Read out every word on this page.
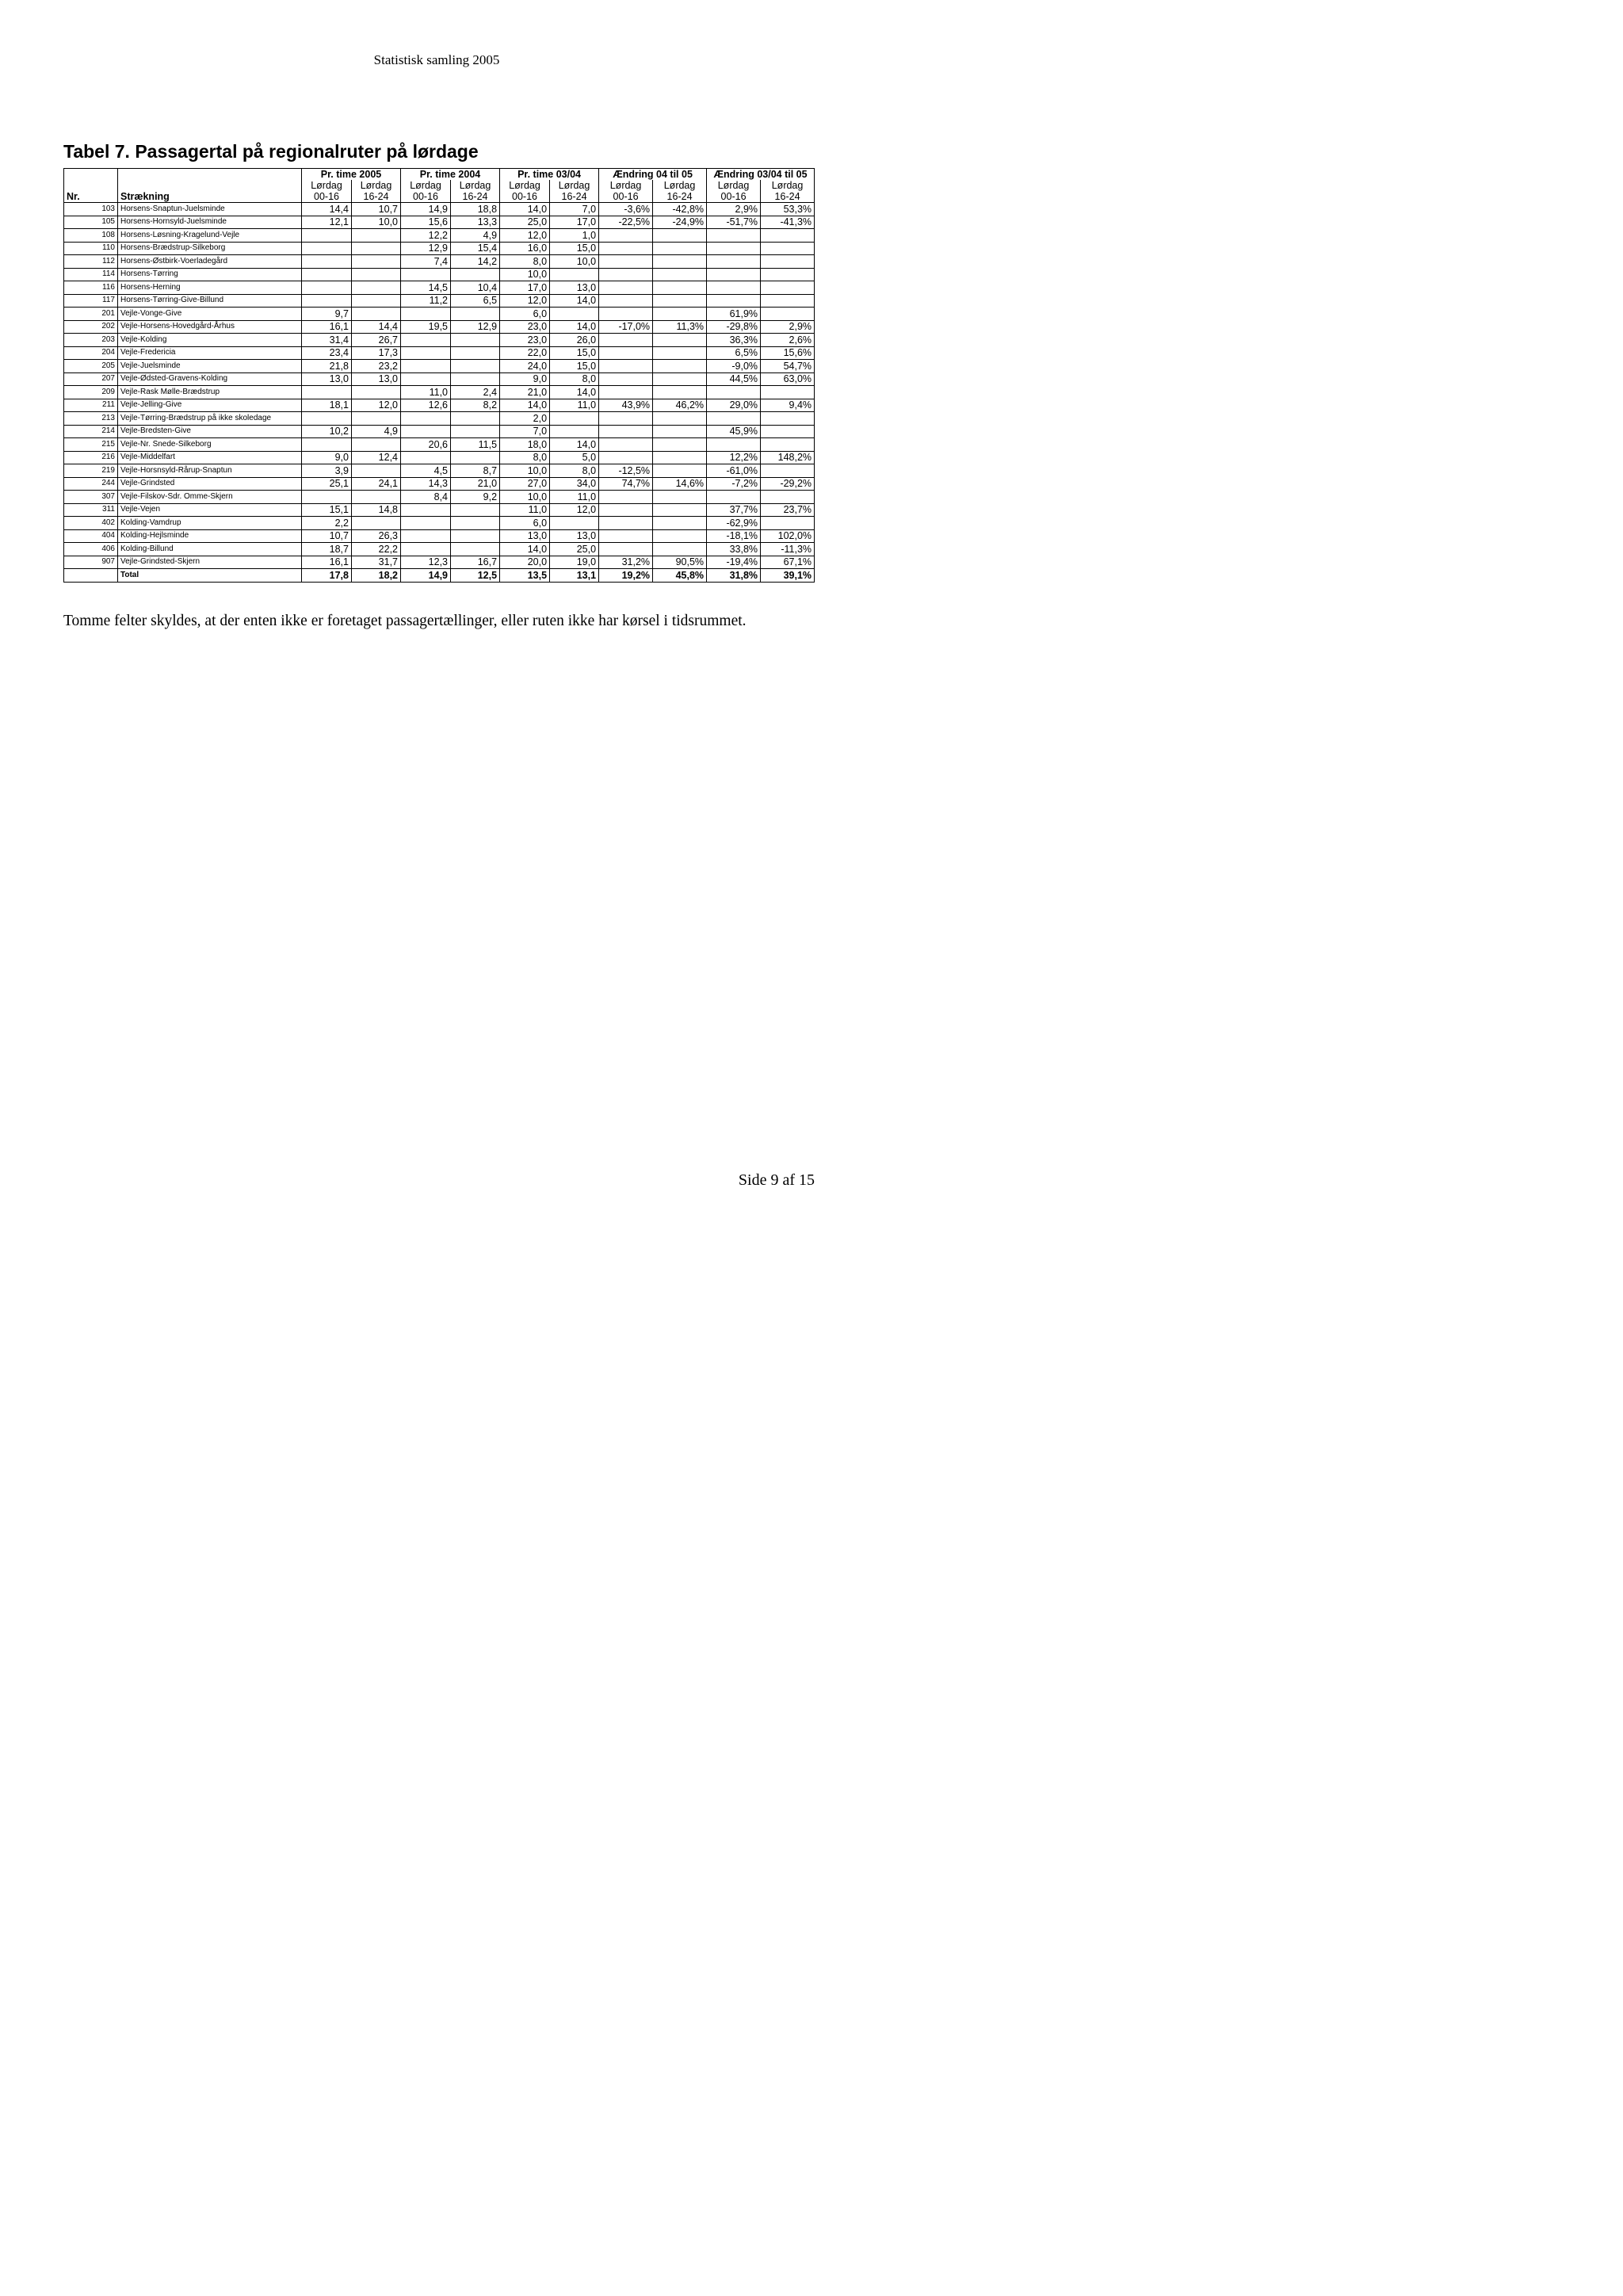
Statistisk samling 2005
Tabel 7. Passagertal på regionalruter på lørdage
		Pr. time 2005		Pr. time 2004		Pr. time 03/04		Ændring 04 til 05		Ændring 03/04 til 05	
		Lørdag	Lørdag	Lørdag	Lørdag	Lørdag	Lørdag	Lørdag	Lørdag	Lørdag	Lørdag
Nr.	Strækning	00-16	16-24	00-16	16-24	00-16	16-24	00-16	16-24	00-16	16-24
103	Horsens-Snaptun-Juelsminde	14,4	10,7	14,9	18,8	14,0	7,0	-3,6%	-42,8%	2,9%	53,3%
105	Horsens-Hornsyld-Juelsminde	12,1	10,0	15,6	13,3	25,0	17,0	-22,5%	-24,9%	-51,7%	-41,3%
108	Horsens-Løsning-Kragelund-Vejle			12,2	4,9	12,0	1,0				
110	Horsens-Brædstrup-Silkeborg			12,9	15,4	16,0	15,0				
112	Horsens-Østbirk-Voerladegård			7,4	14,2	8,0	10,0				
114	Horsens-Tørring					10,0					
116	Horsens-Herning			14,5	10,4	17,0	13,0				
117	Horsens-Tørring-Give-Billund			11,2	6,5	12,0	14,0				
201	Vejle-Vonge-Give	9,7				6,0				61,9%	
202	Vejle-Horsens-Hovedgård-Århus	16,1	14,4	19,5	12,9	23,0	14,0	-17,0%	11,3%	-29,8%	2,9%
203	Vejle-Kolding	31,4	26,7			23,0	26,0			36,3%	2,6%
204	Vejle-Fredericia	23,4	17,3			22,0	15,0			6,5%	15,6%
205	Vejle-Juelsminde	21,8	23,2			24,0	15,0			-9,0%	54,7%
207	Vejle-Ødsted-Gravens-Kolding	13,0	13,0			9,0	8,0			44,5%	63,0%
209	Vejle-Rask Mølle-Brædstrup			11,0	2,4	21,0	14,0				
211	Vejle-Jelling-Give	18,1	12,0	12,6	8,2	14,0	11,0	43,9%	46,2%	29,0%	9,4%
213	Vejle-Tørring-Brædstrup på ikke skoledage					2,0					
214	Vejle-Bredsten-Give	10,2	4,9			7,0				45,9%	
215	Vejle-Nr. Snede-Silkeborg			20,6	11,5	18,0	14,0				
216	Vejle-Middelfart	9,0	12,4			8,0	5,0			12,2%	148,2%
219	Vejle-Horsnsyld-Rårup-Snaptun	3,9		4,5	8,7	10,0	8,0	-12,5%		-61,0%	
244	Vejle-Grindsted	25,1	24,1	14,3	21,0	27,0	34,0	74,7%	14,6%	-7,2%	-29,2%
307	Vejle-Filskov-Sdr. Omme-Skjern			8,4	9,2	10,0	11,0				
311	Vejle-Vejen	15,1	14,8			11,0	12,0			37,7%	23,7%
402	Kolding-Vamdrup	2,2				6,0				-62,9%	
404	Kolding-Hejlsminde	10,7	26,3			13,0	13,0			-18,1%	102,0%
406	Kolding-Billund	18,7	22,2			14,0	25,0			33,8%	-11,3%
907	Vejle-Grindsted-Skjern	16,1	31,7	12,3	16,7	20,0	19,0	31,2%	90,5%	-19,4%	67,1%
	Total	17,8	18,2	14,9	12,5	13,5	13,1	19,2%	45,8%	31,8%	39,1%
Tomme felter skyldes, at der enten ikke er foretaget passagertællinger, eller ruten ikke har kørsel i tidsrummet.
Side 9 af 15
